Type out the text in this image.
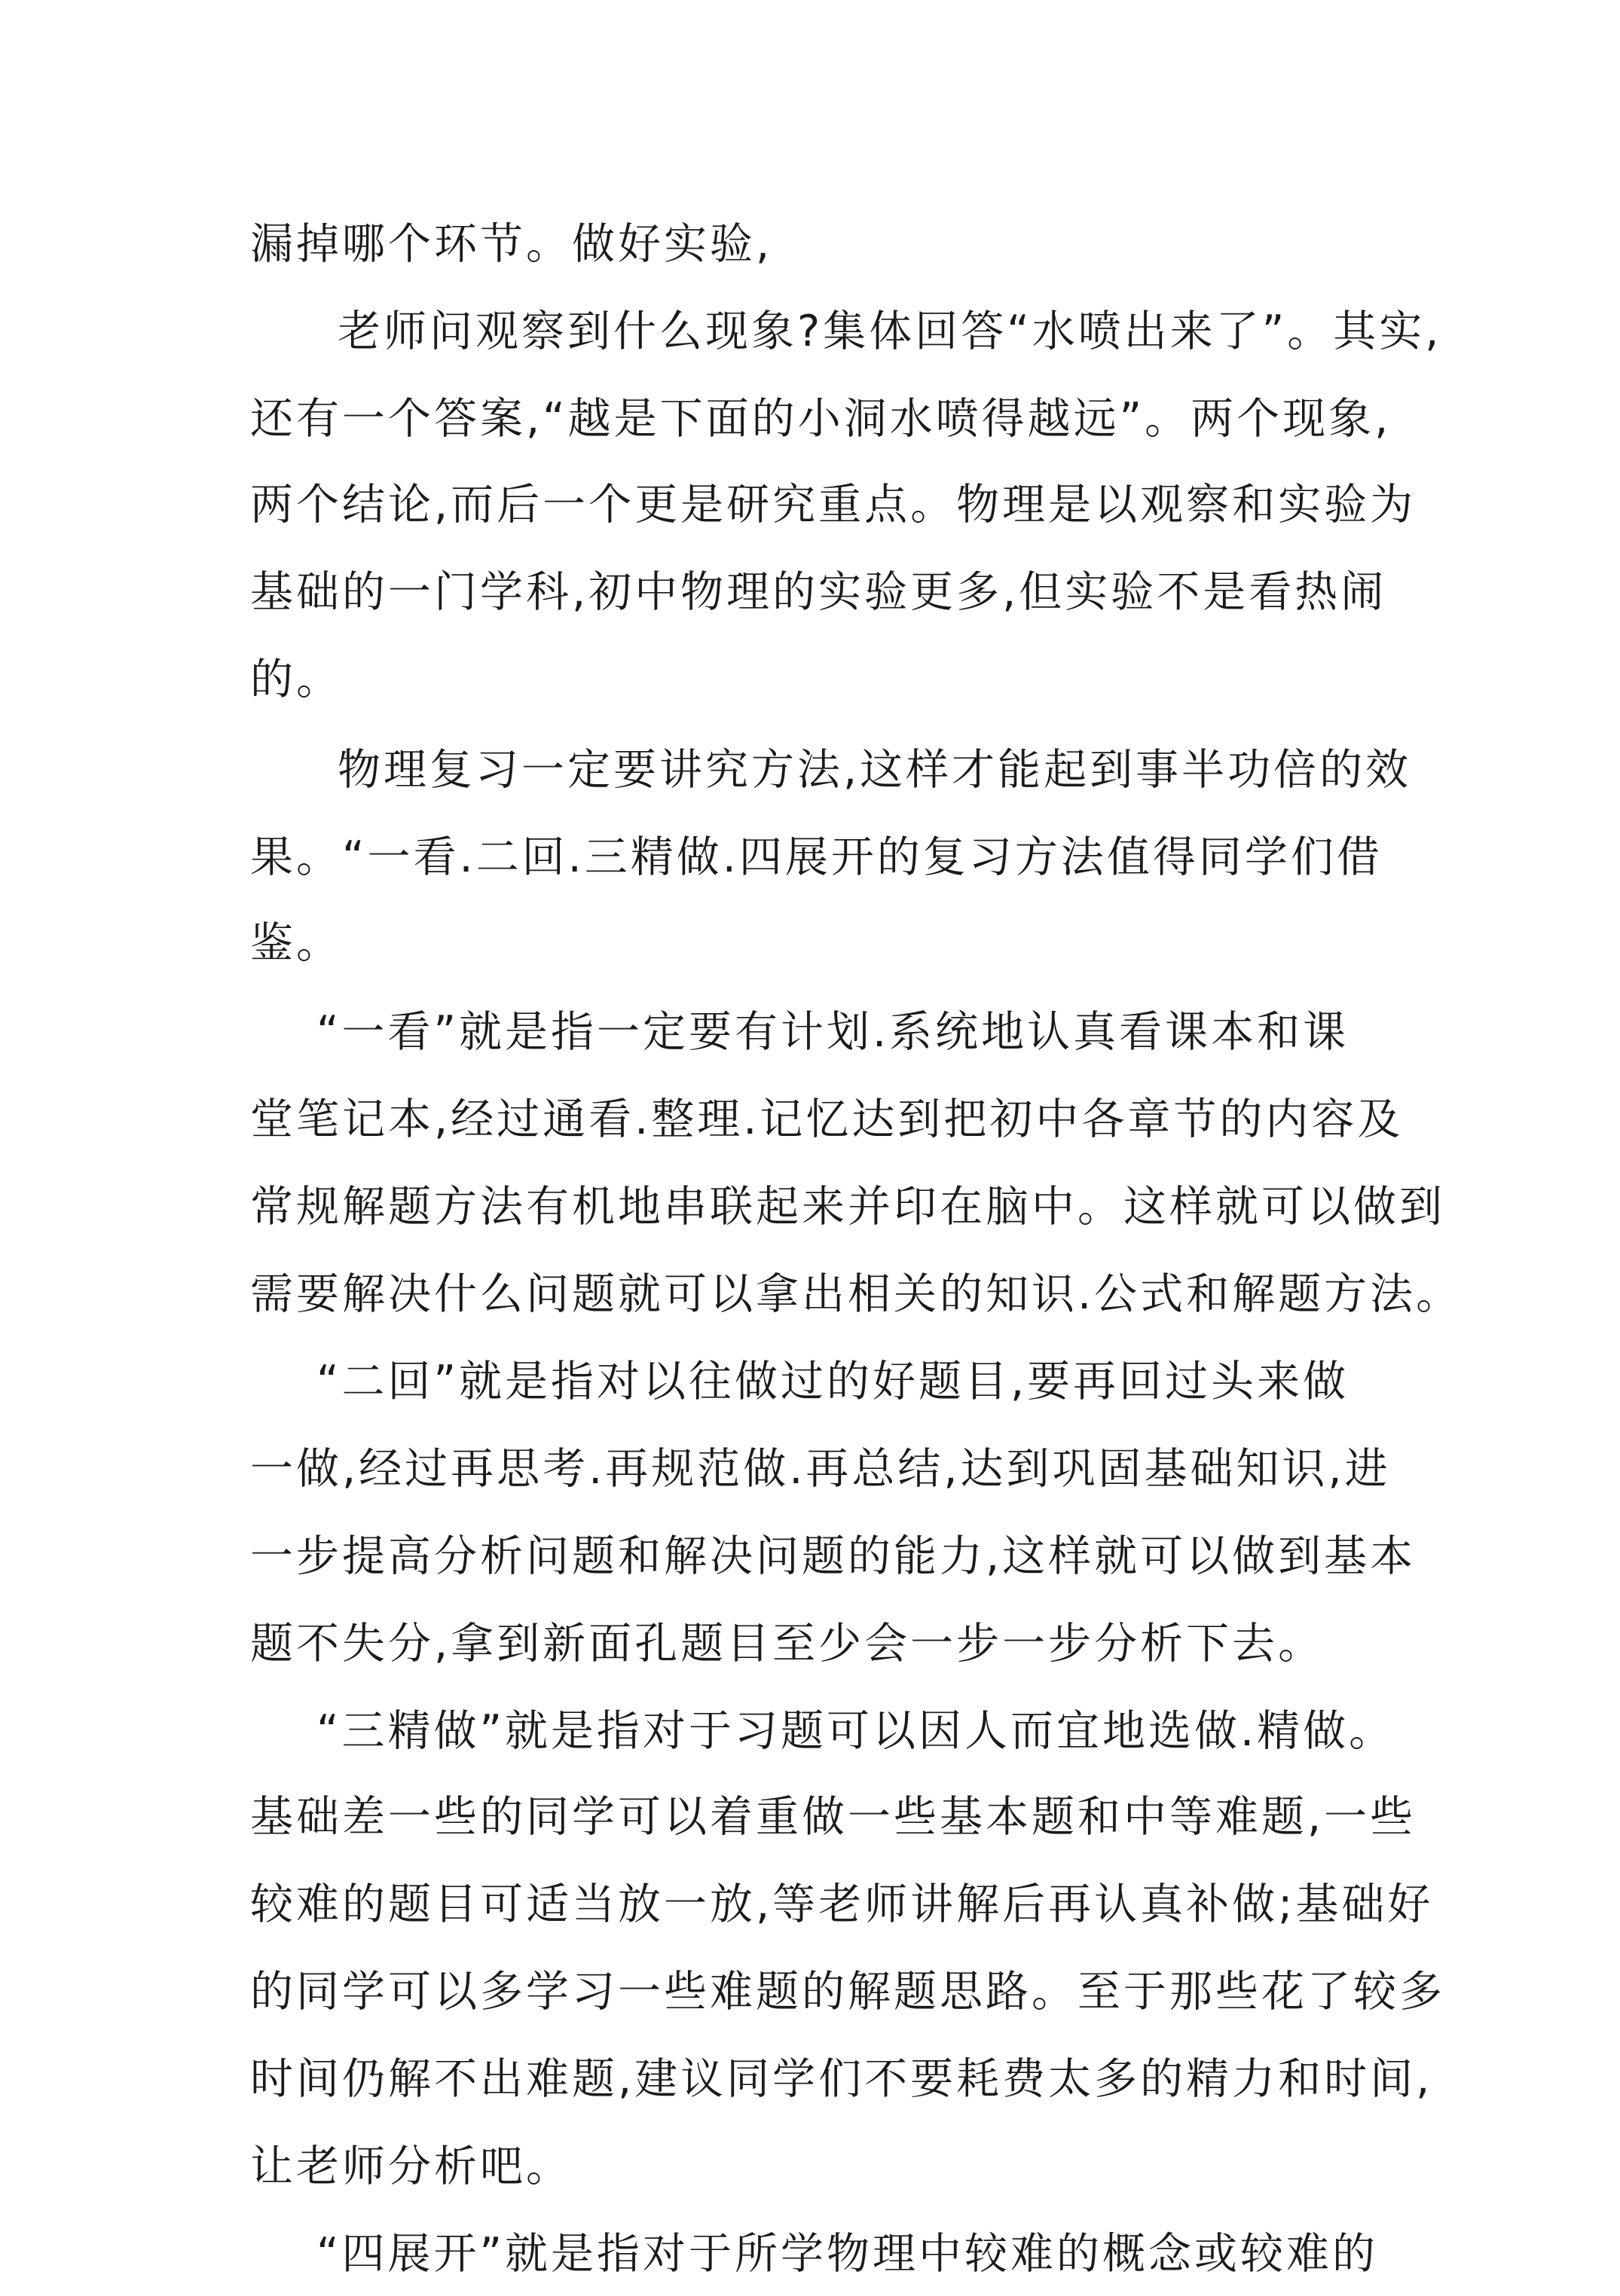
漏掉哪个环节。做好实验,
老师问观察到什么现象?集体回答“水喷出来了”。其实,
还有一个答案,“越是下面的小洞水喷得越远”。两个现象,
两个结论,而后一个更是研究重点。物理是以观察和实验为
基础的一门学科,初中物理的实验更多,但实验不是看热闹
的。
物理复习一定要讲究方法,这样才能起到事半功倍的效
果。“一看.二回.三精做.四展开的复习方法值得同学们借
鉴。
“一看”就是指一定要有计划.系统地认真看课本和课
堂笔记本,经过通看.整理.记忆达到把初中各章节的内容及
常规解题方法有机地串联起来并印在脑中。这样就可以做到
需要解决什么问题就可以拿出相关的知识.公式和解题方法。
“二回”就是指对以往做过的好题目,要再回过头来做
一做,经过再思考.再规范做.再总结,达到巩固基础知识,进
一步提高分析问题和解决问题的能力,这样就可以做到基本
题不失分,拿到新面孔题目至少会一步一步分析下去。
“三精做”就是指对于习题可以因人而宜地选做.精做。
基础差一些的同学可以着重做一些基本题和中等难题,一些
较难的题目可适当放一放,等老师讲解后再认真补做;基础好
的同学可以多学习一些难题的解题思路。至于那些花了较多
时间仍解不出难题,建议同学们不要耗费太多的精力和时间,
让老师分析吧。
“四展开”就是指对于所学物理中较难的概念或较难的
